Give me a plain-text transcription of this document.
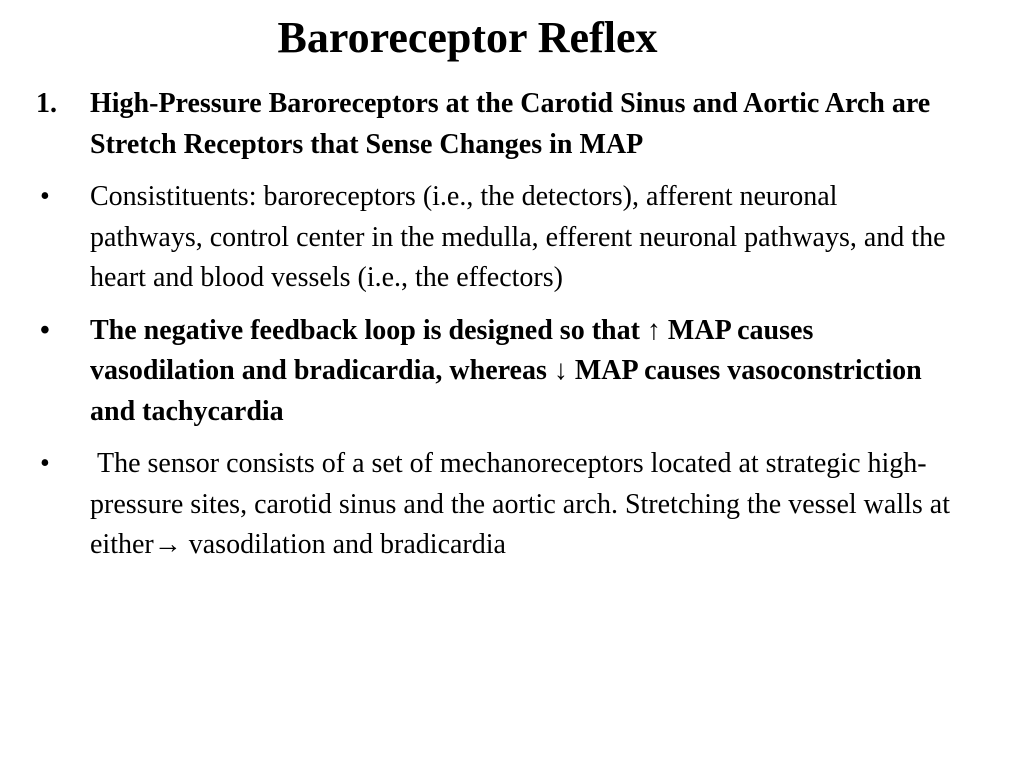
Baroreceptor Reflex
1.	High-Pressure Baroreceptors at the Carotid Sinus and Aortic Arch are Stretch Receptors that Sense Changes in MAP
•	Consistituents: baroreceptors (i.e., the detectors), afferent neuronal pathways, control center in the medulla, efferent neuronal pathways, and the heart and blood vessels (i.e., the effectors)
•	The negative feedback loop is designed so that ↑ MAP causes vasodilation and bradicardia, whereas ↓ MAP causes vasoconstriction and tachycardia
•	The sensor consists of a set of mechanoreceptors located at strategic high-pressure sites, carotid sinus and the aortic arch. Stretching the vessel walls at either→ vasodilation and bradicardia
